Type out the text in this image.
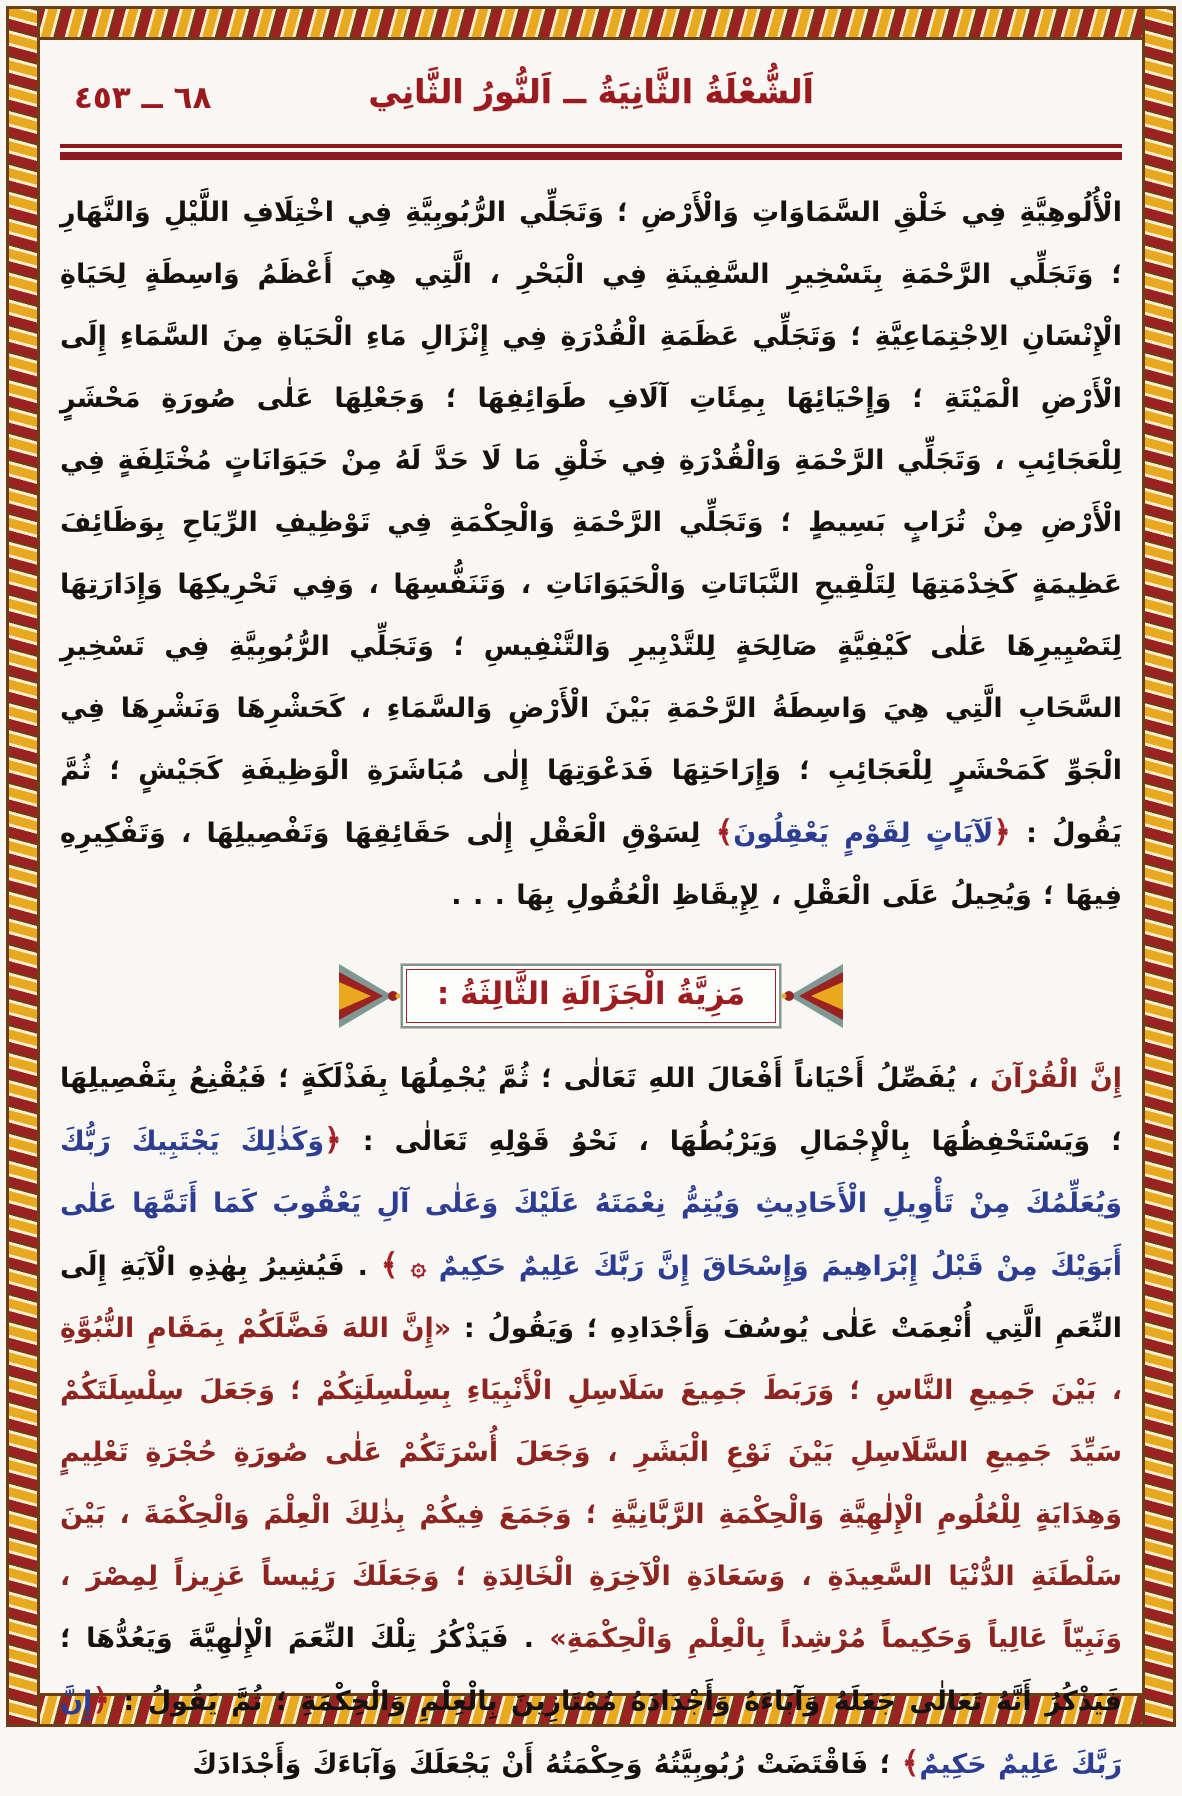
٦٨ ــ ٤٥٣	اَلشُّعْلَةُ الثَّانِيَةُ ــ اَلنُّورُ الثَّانِي

الْأُلُوهِيَّةِ فِي خَلْقِ السَّمَاوَاتِ وَالْأَرْضِ ؛ وَتَجَلِّي الرُّبُوبِيَّةِ فِي اخْتِلَافِ اللَّيْلِ وَالنَّهَارِ ؛ وَتَجَلِّي الرَّحْمَةِ بِتَسْخِيرِ السَّفِينَةِ فِي الْبَحْرِ ، الَّتِي هِيَ أَعْظَمُ وَاسِطَةٍ لِحَيَاةِ الْإِنْسَانِ الِاجْتِمَاعِيَّةِ ؛ وَتَجَلِّي عَظَمَةِ الْقُدْرَةِ فِي إِنْزَالِ مَاءِ الْحَيَاةِ مِنَ السَّمَاءِ إِلَى الْأَرْضِ الْمَيْتَةِ ؛ وَإِحْيَائِهَا بِمِئَاتِ آلَافِ طَوَائِفِهَا ؛ وَجَعْلِهَا عَلٰى صُورَةِ مَحْشَرٍ لِلْعَجَائِبِ ، وَتَجَلِّي الرَّحْمَةِ وَالْقُدْرَةِ فِي خَلْقِ مَا لَا حَدَّ لَهُ مِنْ حَيَوَانَاتٍ مُخْتَلِفَةٍ فِي الْأَرْضِ مِنْ تُرَابٍ بَسِيطٍ ؛ وَتَجَلِّي الرَّحْمَةِ وَالْحِكْمَةِ فِي تَوْظِيفِ الرِّيَاحِ بِوَظَائِفَ عَظِيمَةٍ كَخِدْمَتِهَا لِتَلْقِيحِ النَّبَاتَاتِ وَالْحَيَوَانَاتِ ، وَتَنَفُّسِهَا ، وَفِي تَحْرِيكِهَا وَإِدَارَتِهَا لِتَصْيِيرِهَا عَلٰى كَيْفِيَّةٍ صَالِحَةٍ لِلتَّدْبِيرِ وَالتَّنْفِيسِ ؛ وَتَجَلِّي الرُّبُوبِيَّةِ فِي تَسْخِيرِ السَّحَابِ الَّتِي هِيَ وَاسِطَةُ الرَّحْمَةِ بَيْنَ الْأَرْضِ وَالسَّمَاءِ ، كَحَشْرِهَا وَنَشْرِهَا فِي الْجَوِّ كَمَحْشَرٍ لِلْعَجَائِبِ ؛ وَإِرَاحَتِهَا فَدَعْوَتِهَا إِلٰى مُبَاشَرَةِ الْوَظِيفَةِ كَجَيْشٍ ؛ ثُمَّ يَقُولُ : ﴿لَآيَاتٍ لِقَوْمٍ يَعْقِلُونَ﴾ لِسَوْقِ الْعَقْلِ إِلٰى حَقَائِقِهَا وَتَفْصِيلِهَا ، وَتَفْكِيرِهِ فِيهَا ؛ وَيُحِيلُ عَلَى الْعَقْلِ ، لِإِيقَاظِ الْعُقُولِ بِهَا . . .

مَزِيَّةُ الْجَزَالَةِ الثَّالِثَةُ :

إِنَّ الْقُرْآنَ ، يُفَصِّلُ أَحْيَاناً أَفْعَالَ اللهِ تَعَالٰى ؛ ثُمَّ يُجْمِلُهَا بِفَذْلَكَةٍ ؛ فَيُقْنِعُ بِتَفْصِيلِهَا ؛ وَيَسْتَحْفِظُهَا بِالْإِجْمَالِ وَيَرْبُطُهَا ، نَحْوُ قَوْلِهِ تَعَالٰى : ﴿وَكَذٰلِكَ يَجْتَبِيكَ رَبُّكَ وَيُعَلِّمُكَ مِنْ تَأْوِيلِ الْأَحَادِيثِ وَيُتِمُّ نِعْمَتَهُ عَلَيْكَ وَعَلٰى آلِ يَعْقُوبَ كَمَا أَتَمَّهَا عَلٰى أَبَوَيْكَ مِنْ قَبْلُ إِبْرَاهِيمَ وَإِسْحَاقَ إِنَّ رَبَّكَ عَلِيمٌ حَكِيمٌ ۞ ﴾ . فَيُشِيرُ بِهٰذِهِ الْآيَةِ إِلَى النِّعَمِ الَّتِي أُنْعِمَتْ عَلٰى يُوسُفَ وَأَجْدَادِهِ ؛ وَيَقُولُ : «إِنَّ اللهَ فَضَّلَكُمْ بِمَقَامِ النُّبُوَّةِ ، بَيْنَ جَمِيعِ النَّاسِ ؛ وَرَبَطَ جَمِيعَ سَلَاسِلِ الْأَنْبِيَاءِ بِسِلْسِلَتِكُمْ ؛ وَجَعَلَ سِلْسِلَتَكُمْ سَيِّدَ جَمِيعِ السَّلَاسِلِ بَيْنَ نَوْعِ الْبَشَرِ ، وَجَعَلَ أُسْرَتَكُمْ عَلٰى صُورَةِ حُجْرَةِ تَعْلِيمٍ وَهِدَايَةٍ لِلْعُلُومِ الْإِلٰهِيَّةِ وَالْحِكْمَةِ الرَّبَّانِيَّةِ ؛ وَجَمَعَ فِيكُمْ بِذٰلِكَ الْعِلْمَ وَالْحِكْمَةَ ، بَيْنَ سَلْطَنَةِ الدُّنْيَا السَّعِيدَةِ ، وَسَعَادَةِ الْآخِرَةِ الْخَالِدَةِ ؛ وَجَعَلَكَ رَئِيساً عَزِيزاً لِمِصْرَ ، وَنَبِيّاً عَالِياً وَحَكِيماً مُرْشِداً بِالْعِلْمِ وَالْحِكْمَةِ» . فَيَذْكُرُ تِلْكَ النِّعَمَ الْإِلٰهِيَّةَ وَيَعُدُّهَا ؛ فَيَذْكُرُ أَنَّهُ تَعَالٰى جَعَلَهُ وَآبَاءَهُ وَأَجْدَادَهُ مُمْتَازِينَ بِالْعِلْمِ وَالْحِكْمَةِ ؛ ثُمَّ يَقُولُ : ﴿إِنَّ رَبَّكَ عَلِيمٌ حَكِيمٌ﴾ ؛ فَاقْتَضَتْ رُبُوبِيَّتُهُ وَحِكْمَتُهُ أَنْ يَجْعَلَكَ وَآبَاءَكَ وَأَجْدَادَكَ
